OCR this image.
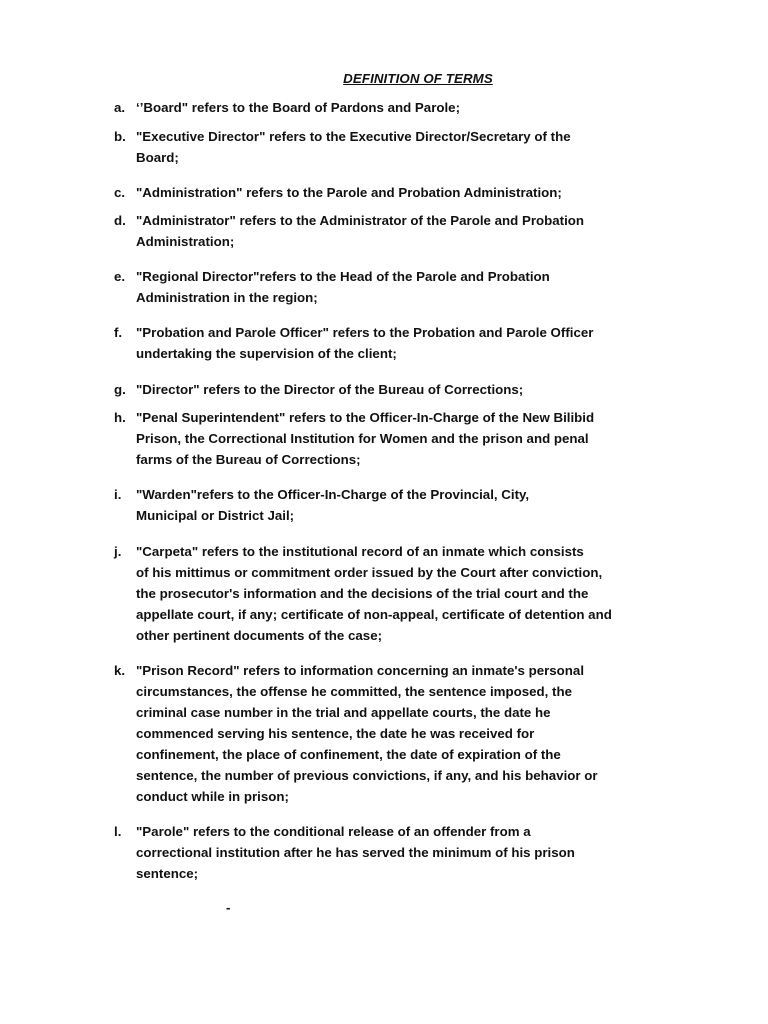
DEFINITION OF TERMS
a. ‘’Board" refers to the Board of Pardons and Parole;
b. "Executive Director" refers to the Executive Director/Secretary of the
Board;
c. "Administration" refers to the Parole and Probation Administration;
d. "Administrator" refers to the Administrator of the Parole and Probation
Administration;
e. "Regional Director"refers to the Head of the Parole and Probation
Administration in the region;
f. "Probation and Parole Officer" refers to the Probation and Parole Officer
undertaking the supervision of the client;
g. "Director" refers to the Director of the Bureau of Corrections;
h. "Penal Superintendent" refers to the Officer-In-Charge of the New Bilibid
Prison, the Correctional Institution for Women and the prison and penal
farms of the Bureau of Corrections;
i. "Warden"refers to the Officer-In-Charge of the Provincial, City,
Municipal or District Jail;
j. "Carpeta" refers to the institutional record of an inmate which consists
of his mittimus or commitment order issued by the Court after conviction,
the prosecutor's information and the decisions of the trial court and the
appellate court, if any; certificate of non-appeal, certificate of detention and
other pertinent documents of the case;
k. "Prison Record" refers to information concerning an inmate's personal
circumstances, the offense he committed, the sentence imposed, the
criminal case number in the trial and appellate courts, the date he
commenced serving his sentence, the date he was received for
confinement, the place of confinement, the date of expiration of the
sentence, the number of previous convictions, if any, and his behavior or
conduct while in prison;
l. "Parole" refers to the conditional release of an offender from a
correctional institution after he has served the minimum of his prison
sentence;
-
